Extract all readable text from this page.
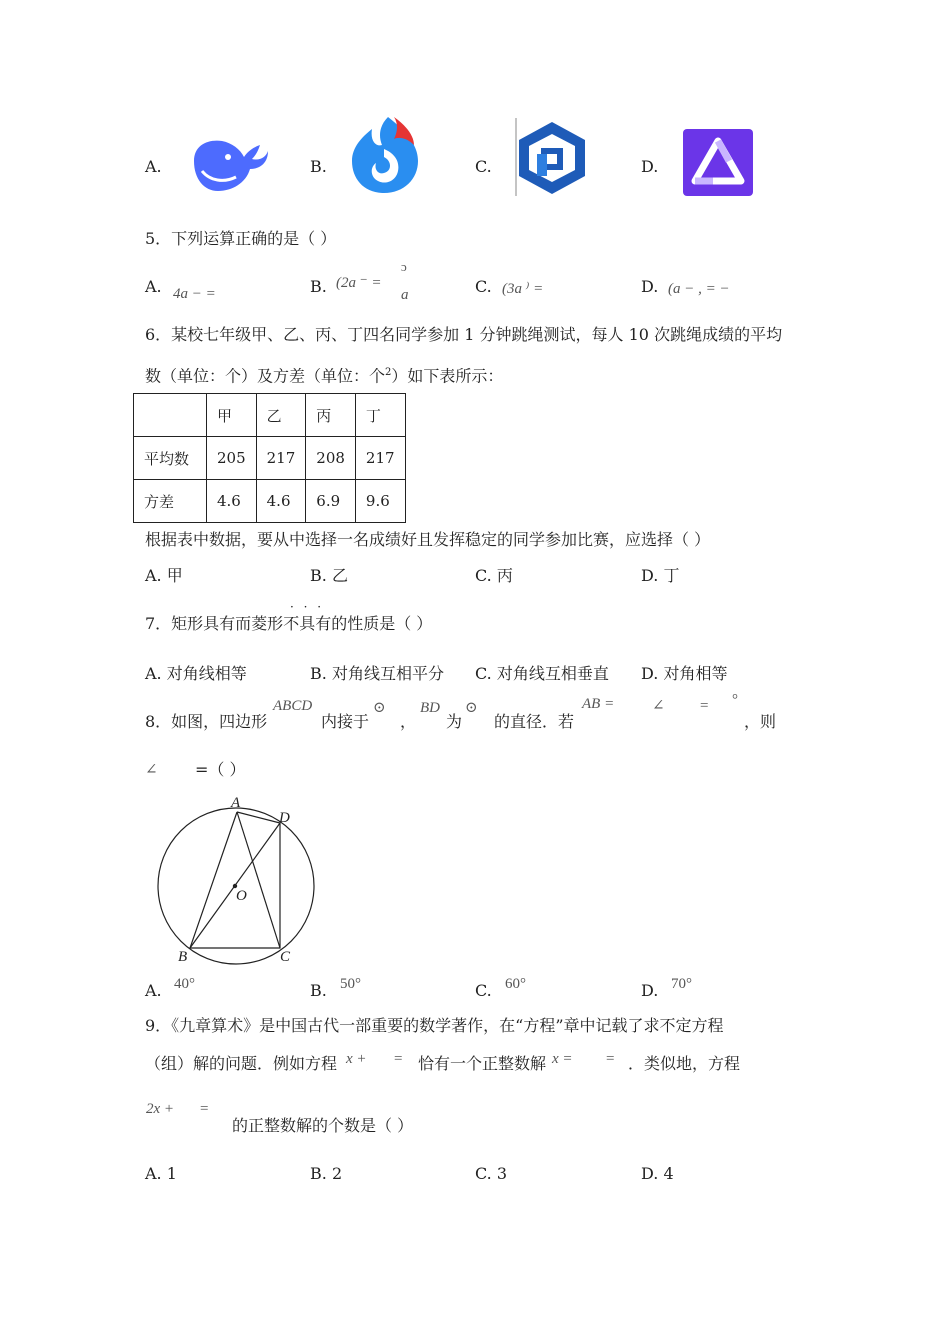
A.	B.	C.	D.
5．下列运算正确的是（ ）
A. 4a − =	B. (2a ⁻ =
ɔ
a	C. (3a ⁾ =	D. (a − , = −
6．某校七年级甲、乙、丙、丁四名同学参加 1 分钟跳绳测试，每人 10 次跳绳成绩的平均
数（单位：个）及方差（单位：个$^2$）如下表所示：
	甲	乙	丙	丁
平均数	205	217	208	217
方差	4.6	4.6	6.9	9.6
根据表中数据，要从中选择一名成绩好且发挥稳定的同学参加比赛，应选择（ ）
A. 甲	B. 乙	C. 丙	D. 丁
· · ·
7．矩形具有而菱形不具有的性质是（ ）
A. 对角线相等	B. 对角线互相平分 C. 对角线互相垂直 D. 对角相等
8．如图，四边形
ABCD
内接于
⊙
，
BD
为
⊙
的直径．若
AB =	∠ = °
，则
∠ =（ ）
A
D
O
B	C
A. 40°	B. 50°	C. 60°	D. 70°
9．《九章算术》是中国古代一部重要的数学著作，在“方程”章中记载了求不定方程
（组）解的问题．例如方程 x + = 恰有一个正整数解 x = = ．类似地，方程
2x + =
的正整数解的个数是（ ）
A. 1	B. 2	C. 3	D. 4
